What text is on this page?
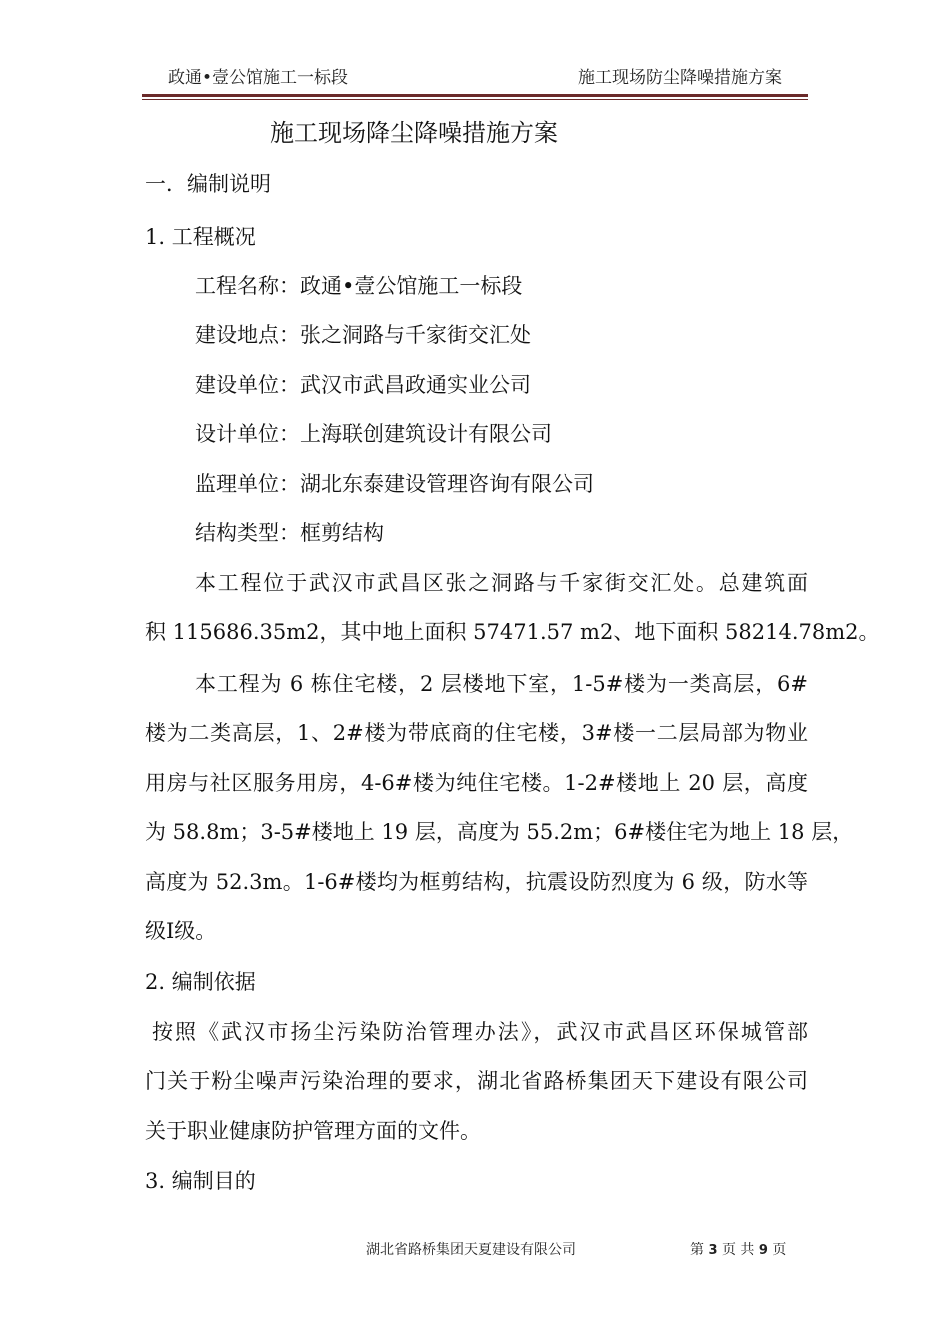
政通•壹公馆施工一标段	施工现场防尘降噪措施方案
施工现场降尘降噪措施方案
一．编制说明
1. 工程概况
工程名称：政通•壹公馆施工一标段
建设地点：张之洞路与千家街交汇处
建设单位：武汉市武昌政通实业公司
设计单位：上海联创建筑设计有限公司
监理单位：湖北东泰建设管理咨询有限公司
结构类型：框剪结构
本工程位于武汉市武昌区张之洞路与千家街交汇处。总建筑面
积 115686.35m2，其中地上面积 57471.57 m2、地下面积 58214.78m2。
本工程为 6 栋住宅楼，2 层楼地下室，1-5#楼为一类高层，6#
楼为二类高层，1、2#楼为带底商的住宅楼，3#楼一二层局部为物业
用房与社区服务用房，4-6#楼为纯住宅楼。1-2#楼地上 20 层，高度
为 58.8m；3-5#楼地上 19 层，高度为 55.2m；6#楼住宅为地上 18 层，
高度为 52.3m。1-6#楼均为框剪结构，抗震设防烈度为 6 级，防水等
级Ⅰ级。
2. 编制依据
按照《武汉市扬尘污染防治管理办法》，武汉市武昌区环保城管部
门关于粉尘噪声污染治理的要求，湖北省路桥集团天下建设有限公司
关于职业健康防护管理方面的文件。
3. 编制目的
湖北省路桥集团天夏建设有限公司	第 3 页 共 9 页
